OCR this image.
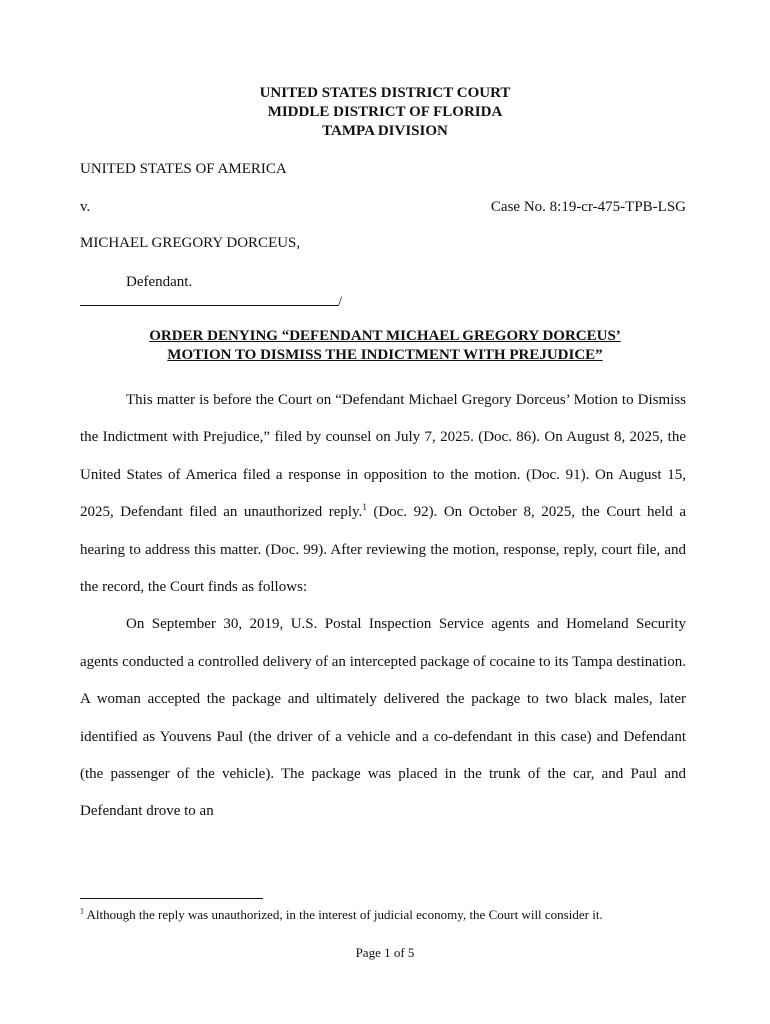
UNITED STATES DISTRICT COURT
MIDDLE DISTRICT OF FLORIDA
TAMPA DIVISION
UNITED STATES OF AMERICA
v.	Case No. 8:19-cr-475-TPB-LSG
MICHAEL GREGORY DORCEUS,
Defendant.
/
ORDER DENYING “DEFENDANT MICHAEL GREGORY DORCEUS’
MOTION TO DISMISS THE INDICTMENT WITH PREJUDICE”

This matter is before the Court on “Defendant Michael Gregory Dorceus’ Motion to Dismiss the Indictment with Prejudice,” filed by counsel on July 7, 2025. (Doc. 86). On August 8, 2025, the United States of America filed a response in opposition to the motion. (Doc. 91). On August 15, 2025, Defendant filed an unauthorized reply.$^1$ (Doc. 92). On October 8, 2025, the Court held a hearing to address this matter. (Doc. 99). After reviewing the motion, response, reply, court file, and the record, the Court finds as follows:

On September 30, 2019, U.S. Postal Inspection Service agents and Homeland Security agents conducted a controlled delivery of an intercepted package of cocaine to its Tampa destination. A woman accepted the package and ultimately delivered the package to two black males, later identified as Youvens Paul (the driver of a vehicle and a co-defendant in this case) and Defendant (the passenger of the vehicle). The package was placed in the trunk of the car, and Paul and Defendant drove to an

$^1$ Although the reply was unauthorized, in the interest of judicial economy, the Court will consider it.
Page 1 of 5
